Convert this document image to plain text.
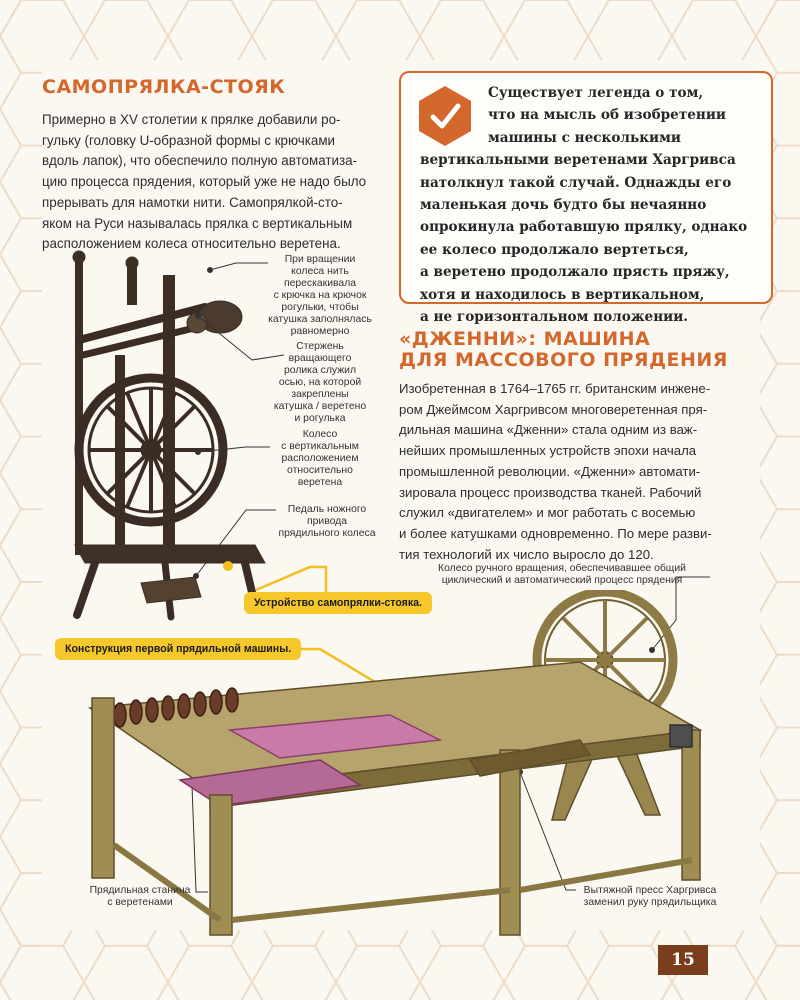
САМОПРЯЛКА-СТОЯК
Примерно в XV столетии к прялке добавили ро-
гульку (головку U-образной формы с крючками
вдоль лапок), что обеспечило полную автоматиза-
цию процесса прядения, который уже не надо было
прерывать для намотки нити. Самопрялкой-сто-
яком на Руси называлась прялка с вертикальным
расположением колеса относительно веретена.
Существует легенда о том,
что на мысль об изобретении
машины с несколькими
вертикальными веретенами Харгривса
натолкнул такой случай. Однажды его
маленькая дочь будто бы нечаянно
опрокинула работавшую прялку, однако
ее колесо продолжало вертеться,
а веретено продолжало прясть пряжу,
хотя и находилось в вертикальном,
а не горизонтальном положении.
«ДЖЕННИ»: МАШИНА
ДЛЯ МАССОВОГО ПРЯДЕНИЯ
Изобретенная в 1764–1765 гг. британским инжене-
ром Джеймсом Харгривсом многоверетенная пря-
дильная машина «Дженни» стала одним из важ-
нейших промышленных устройств эпохи начала
промышленной революции. «Дженни» автомати-
зировала процесс производства тканей. Рабочий
служил «двигателем» и мог работать с восемью
и более катушками одновременно. По мере разви-
тия технологий их число выросло до 120.
При вращении
колеса нить
перескакивала
с крючка на крючок
рогульки, чтобы
катушка заполнялась
равномерно
Стержень
вращающего
ролика служил
осью, на которой
закреплены
катушка / веретено
и рогулька
Колесо
с вертикальным
расположением
относительно
веретена
Педаль ножного
привода
прядильного колеса
Устройство самопрялки-стояка.
Конструкция первой прядильной машины.
Колесо ручного вращения, обеспечивавшее общий
циклический и автоматический процесс прядения
Прядильная станина
с веретенами
Вытяжной пресс Харгривса
заменил руку прядильщика
15
